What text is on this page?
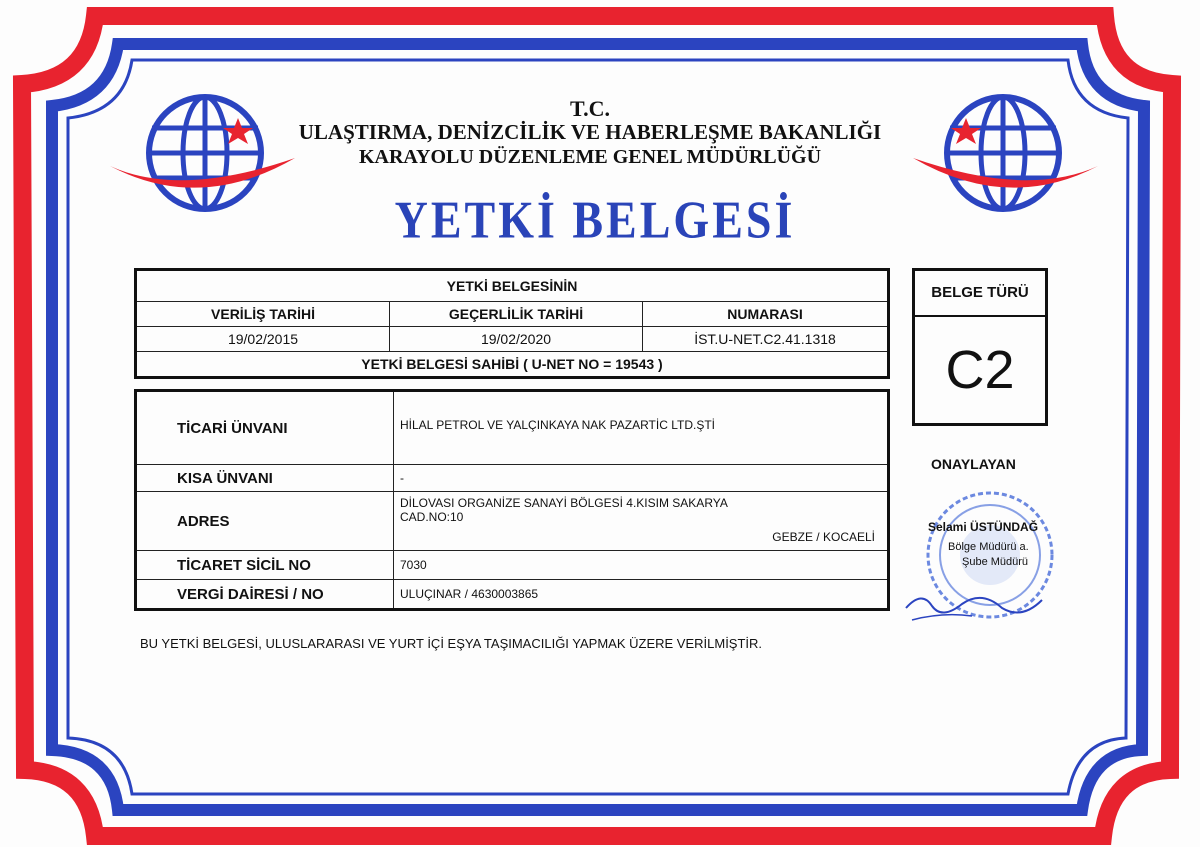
T.C.
ULAŞTIRMA, DENİZCİLİK VE HABERLEŞME BAKANLIĞI
KARAYOLU DÜZENLEME GENEL MÜDÜRLÜĞÜ
YETKİ BELGESİ
YETKİ BELGESİNİN		
VERİLİŞ TARİHİ	GEÇERLİLİK TARİHİ	NUMARASI
19/02/2015	19/02/2020	İST.U-NET.C2.41.1318
YETKİ BELGESİ SAHİBİ ( U-NET NO = 19543 )		
TİCARİ ÜNVANI	HİLAL PETROL VE YALÇINKAYA NAK PAZARTİC LTD.ŞTİ
KISA ÜNVANI	-
ADRES	DİLOVASI ORGANİZE SANAYİ BÖLGESİ 4.KISIM SAKARYA
CAD.NO:10
GEBZE / KOCAELİ

TİCARET SİCİL NO	7030
VERGİ DAİRESİ / NO	ULUÇINAR / 4630003865
BELGE TÜRÜ
C2
ONAYLAYAN
Selami ÜSTÜNDAĞ
Bölge Müdürü a.
Şube Müdürü
BU YETKİ BELGESİ, ULUSLARARASI VE YURT İÇİ EŞYA TAŞIMACILIĞI YAPMAK ÜZERE VERİLMİŞTİR.
